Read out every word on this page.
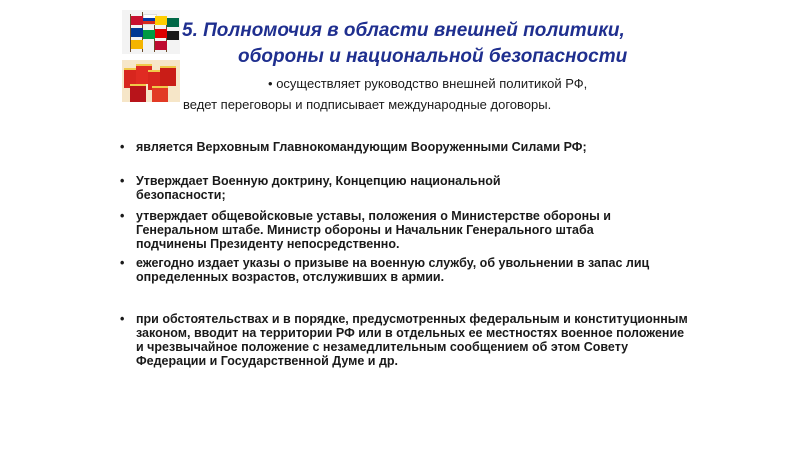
5. Полномочия в области внешней политики,
обороны и национальной безопасности
• осуществляет руководство внешней политикой РФ,
ведет переговоры и подписывает международные договоры.
• является Верховным Главнокомандующим Вооруженными Силами РФ;
• Утверждает Военную доктрину, Концепцию национальной безопасности;
• утверждает общевойсковые уставы, положения о Министерстве обороны и Генеральном штабе. Министр обороны и Начальник Генерального штаба подчинены Президенту непосредственно.
• ежегодно издает указы о призыве на военную службу, об увольнении в запас лиц определенных возрастов, отслуживших в армии.
• при обстоятельствах и в порядке, предусмотренных федеральным и конституционным законом, вводит на территории РФ или в отдельных ее местностях военное положение и чрезвычайное положение с незамедлительным сообщением об этом Совету Федерации и Государственной Думе и др.
